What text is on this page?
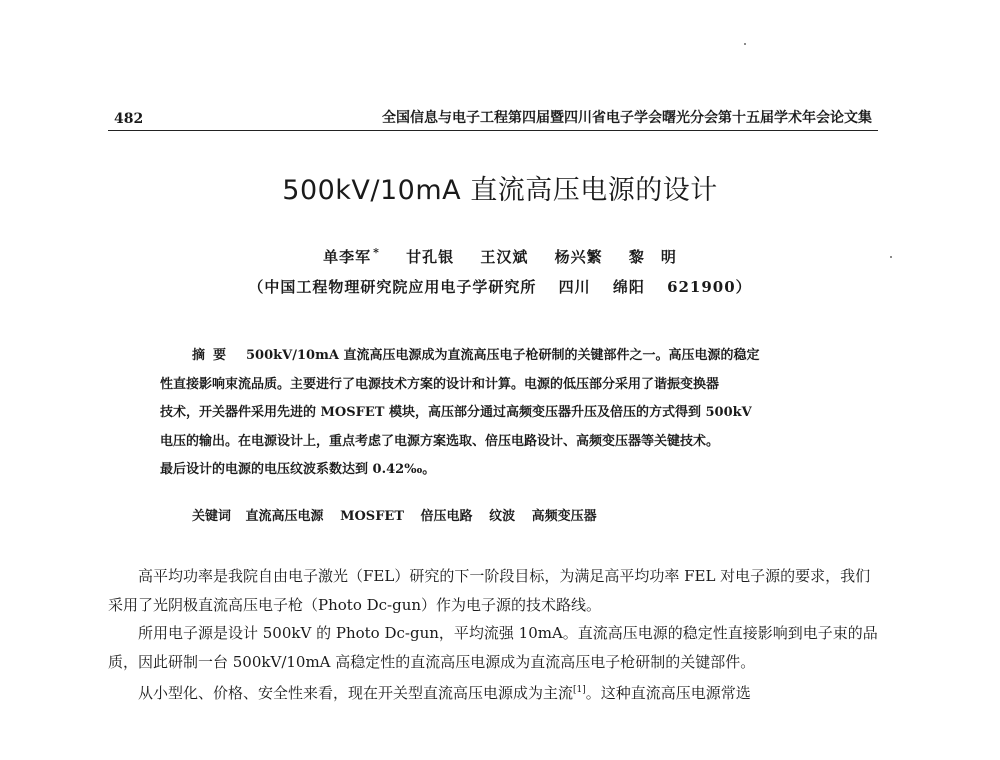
482	全国信息与电子工程第四届暨四川省电子学会曙光分会第十五届学术年会论文集
500kV/10mA 直流高压电源的设计
单李军 * 甘孔银 王汉斌 杨兴繁 黎　明
（中国工程物理研究院应用电子学研究所 四川 绵阳 621900）
摘要 500kV/10mA 直流高压电源成为直流高压电子枪研制的关键部件之一。高压电源的稳定
性直接影响束流品质。主要进行了电源技术方案的设计和计算。电源的低压部分采用了谐振变换器
技术，开关器件采用先进的 MOSFET 模块，高压部分通过高频变压器升压及倍压的方式得到 500kV
电压的输出。在电源设计上，重点考虑了电源方案选取、倍压电路设计、高频变压器等关键技术。
最后设计的电源的电压纹波系数达到 0.42‰。
关键词 直流高压电源 MOSFET 倍压电路 纹波 高频变压器

高平均功率是我院自由电子激光（FEL）研究的下一阶段目标，为满足高平均功率 FEL 对电子源的要求，我们采用了光阴极直流高压电子枪（Photo Dc-gun）作为电子源的技术路线。

所用电子源是设计 500kV 的 Photo Dc-gun，平均流强 10mA。直流高压电源的稳定性直接影响到电子束的品质，因此研制一台 500kV/10mA 高稳定性的直流高压电源成为直流高压电子枪研制的关键部件。

从小型化、价格、安全性来看，现在开关型直流高压电源成为主流[1]。这种直流高压电源常选
